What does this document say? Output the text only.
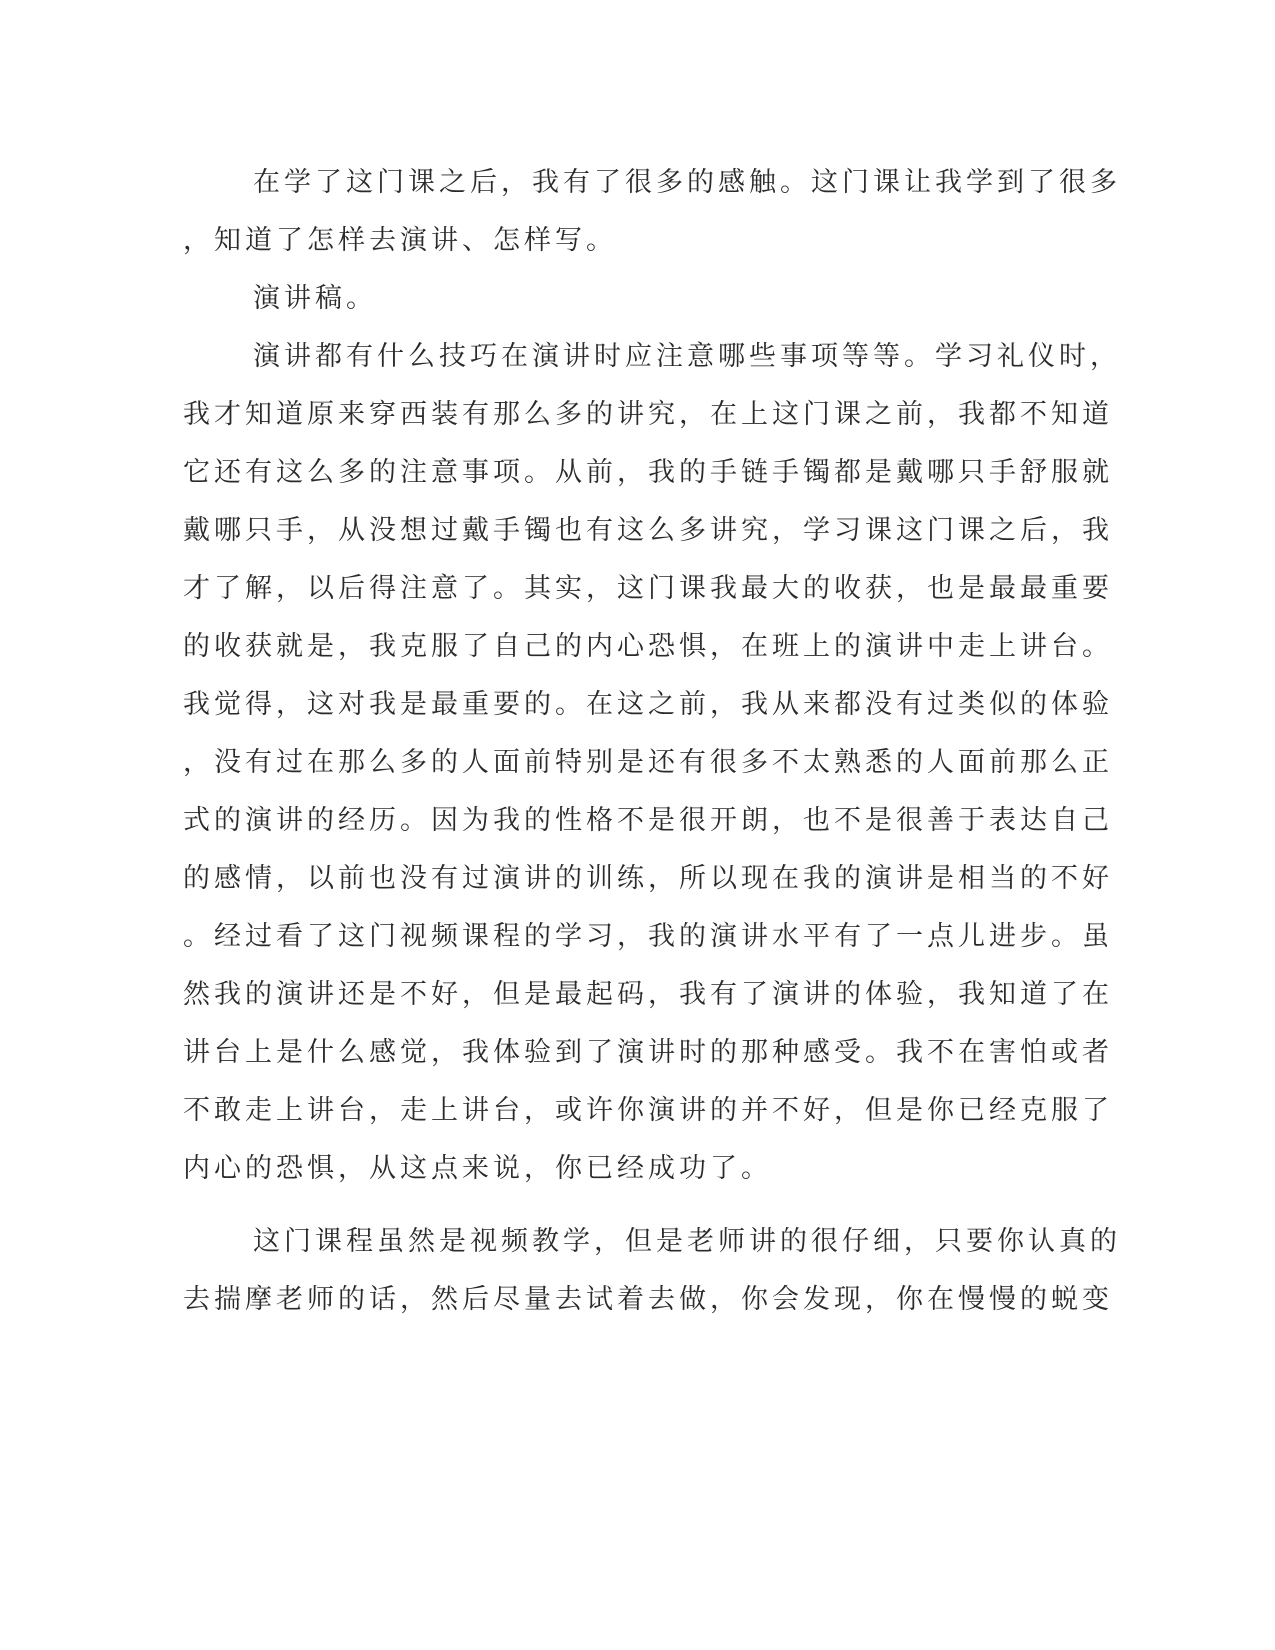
在学了这门课之后，我有了很多的感触。这门课让我学到了很多
，知道了怎样去演讲、怎样写。
演讲稿。
演讲都有什么技巧在演讲时应注意哪些事项等等。学习礼仪时，
我才知道原来穿西装有那么多的讲究，在上这门课之前，我都不知道
它还有这么多的注意事项。从前，我的手链手镯都是戴哪只手舒服就
戴哪只手，从没想过戴手镯也有这么多讲究，学习课这门课之后，我
才了解，以后得注意了。其实，这门课我最大的收获，也是最最重要
的收获就是，我克服了自己的内心恐惧，在班上的演讲中走上讲台。
我觉得，这对我是最重要的。在这之前，我从来都没有过类似的体验
，没有过在那么多的人面前特别是还有很多不太熟悉的人面前那么正
式的演讲的经历。因为我的性格不是很开朗，也不是很善于表达自己
的感情，以前也没有过演讲的训练，所以现在我的演讲是相当的不好
。经过看了这门视频课程的学习，我的演讲水平有了一点儿进步。虽
然我的演讲还是不好，但是最起码，我有了演讲的体验，我知道了在
讲台上是什么感觉，我体验到了演讲时的那种感受。我不在害怕或者
不敢走上讲台，走上讲台，或许你演讲的并不好，但是你已经克服了
内心的恐惧，从这点来说，你已经成功了。
这门课程虽然是视频教学，但是老师讲的很仔细，只要你认真的
去揣摩老师的话，然后尽量去试着去做，你会发现，你在慢慢的蜕变
